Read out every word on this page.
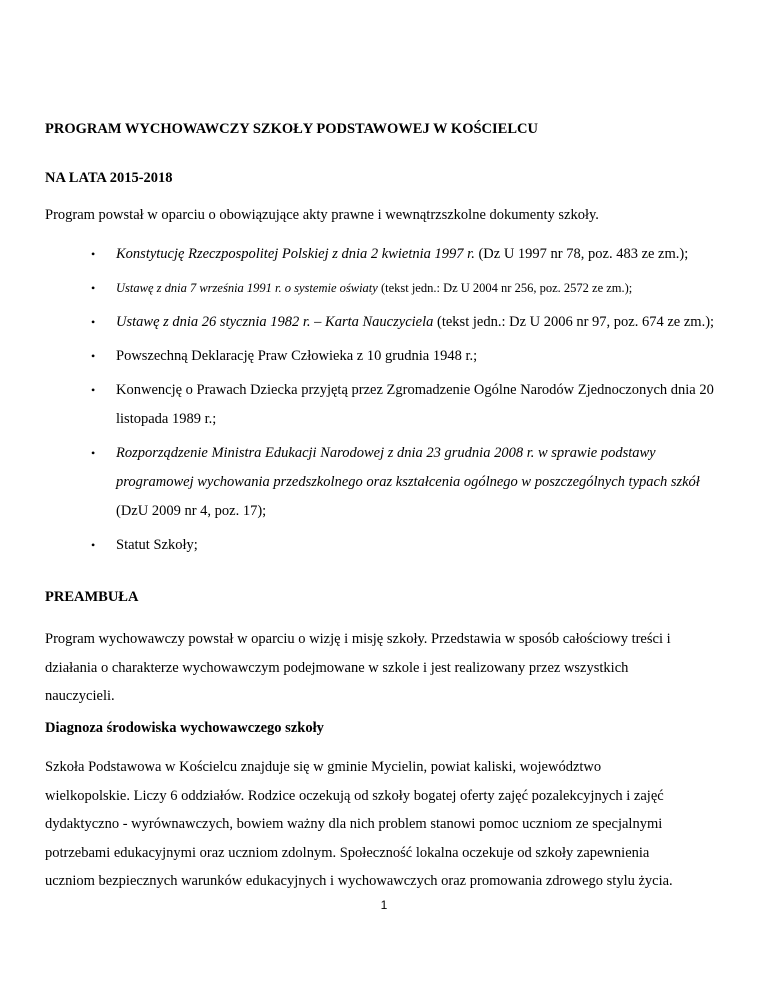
PROGRAM WYCHOWAWCZY SZKOŁY PODSTAWOWEJ W KOŚCIELCU
NA LATA 2015-2018
Program powstał w oparciu o obowiązujące akty prawne i wewnątrzszkolne dokumenty szkoły.
• Konstytucję Rzeczpospolitej Polskiej z dnia 2 kwietnia 1997 r. (Dz U 1997 nr 78, poz. 483 ze zm.);
• Ustawę z dnia 7 września 1991 r. o systemie oświaty (tekst jedn.: Dz U 2004 nr 256, poz. 2572 ze zm.);
• Ustawę z dnia 26 stycznia 1982 r. – Karta Nauczyciela (tekst jedn.: Dz U 2006 nr 97, poz. 674 ze zm.);
• Powszechną Deklarację Praw Człowieka z 10 grudnia 1948 r.;
• Konwencję o Prawach Dziecka przyjętą przez Zgromadzenie Ogólne Narodów Zjednoczonych dnia 20 listopada 1989 r.;
• Rozporządzenie Ministra Edukacji Narodowej z dnia 23 grudnia 2008 r. w sprawie podstawy programowej wychowania przedszkolnego oraz kształcenia ogólnego w poszczególnych typach szkół (DzU 2009 nr 4, poz. 17);
• Statut Szkoły;
PREAMBUŁA
Program wychowawczy powstał w oparciu o wizję i misję szkoły. Przedstawia w sposób całościowy treści i
działania o charakterze wychowawczym podejmowane w szkole i jest realizowany przez wszystkich
nauczycieli.
Diagnoza środowiska wychowawczego szkoły
Szkoła Podstawowa w Kościelcu znajduje się w gminie Mycielin, powiat kaliski, województwo
wielkopolskie. Liczy 6 oddziałów. Rodzice oczekują od szkoły bogatej oferty zajęć pozalekcyjnych i zajęć
dydaktyczno - wyrównawczych, bowiem ważny dla nich problem stanowi pomoc uczniom ze specjalnymi
potrzebami edukacyjnymi oraz uczniom zdolnym. Społeczność lokalna oczekuje od szkoły zapewnienia
uczniom bezpiecznych warunków edukacyjnych i wychowawczych oraz promowania zdrowego stylu życia.
1
